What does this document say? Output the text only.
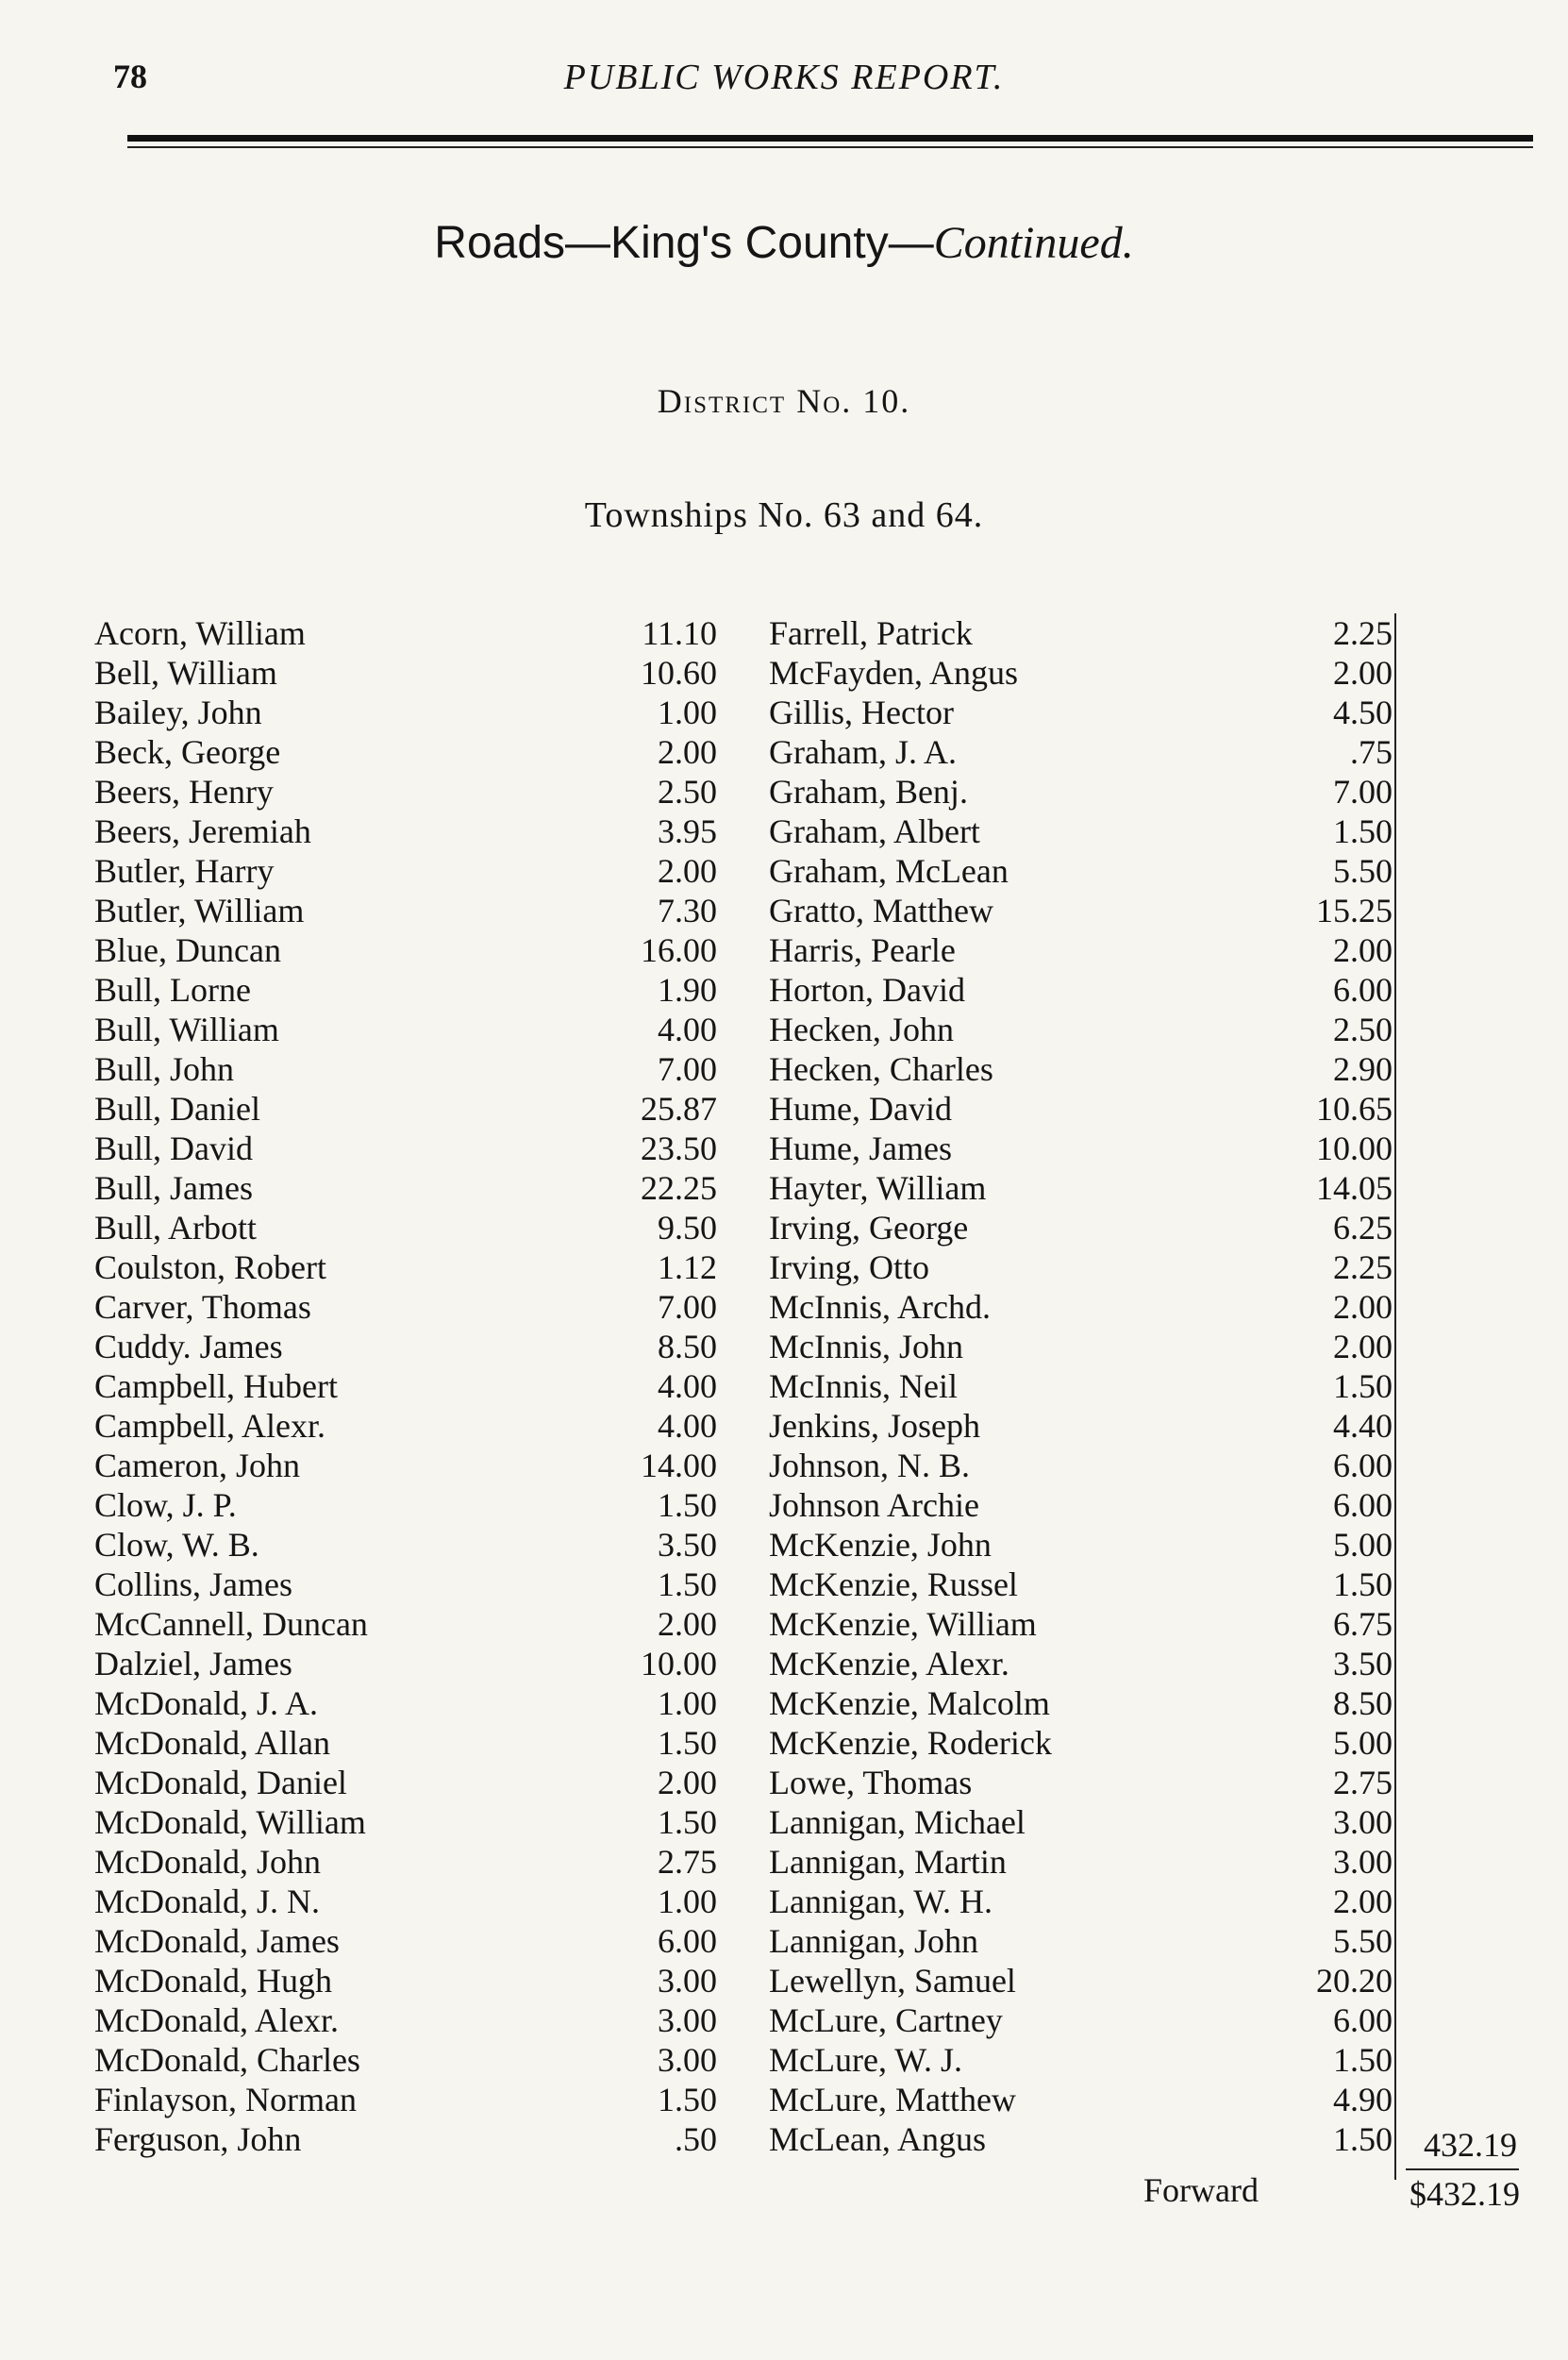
78	PUBLIC WORKS REPORT.
Roads—King's County—Continued.
District No. 10.
Townships No. 63 and 64.
Acorn, William	11.10 Farrell, Patrick	2.25
Bell, William	10.60 McFayden, Angus	2.00
Bailey, John	1.00 Gillis, Hector	4.50
Beck, George	2.00 Graham, J. A.	.75
Beers, Henry	2.50 Graham, Benj.	7.00
Beers, Jeremiah	3.95 Graham, Albert	1.50
Butler, Harry	2.00 Graham, McLean	5.50
Butler, William	7.30 Gratto, Matthew	15.25
Blue, Duncan	16.00 Harris, Pearle	2.00
Bull, Lorne	1.90 Horton, David	6.00
Bull, William	4.00 Hecken, John	2.50
Bull, John	7.00 Hecken, Charles	2.90
Bull, Daniel	25.87 Hume, David	10.65
Bull, David	23.50 Hume, James	10.00
Bull, James	22.25 Hayter, William	14.05
Bull, Arbott	9.50 Irving, George	6.25
Coulston, Robert	1.12 Irving, Otto	2.25
Carver, Thomas	7.00 McInnis, Archd.	2.00
Cuddy. James	8.50 McInnis, John	2.00
Campbell, Hubert	4.00 McInnis, Neil	1.50
Campbell, Alexr.	4.00 Jenkins, Joseph	4.40
Cameron, John	14.00 Johnson, N. B.	6.00
Clow, J. P.	1.50 Johnson Archie	6.00
Clow, W. B.	3.50 McKenzie, John	5.00
Collins, James	1.50 McKenzie, Russel	1.50
McCannell, Duncan	2.00 McKenzie, William	6.75
Dalziel, James	10.00 McKenzie, Alexr.	3.50
McDonald, J. A.	1.00 McKenzie, Malcolm	8.50
McDonald, Allan	1.50 McKenzie, Roderick	5.00
McDonald, Daniel	2.00 Lowe, Thomas	2.75
McDonald, William	1.50 Lannigan, Michael	3.00
McDonald, John	2.75 Lannigan, Martin	3.00
McDonald, J. N.	1.00 Lannigan, W. H.	2.00
McDonald, James	6.00 Lannigan, John	5.50
McDonald, Hugh	3.00 Lewellyn, Samuel	20.20
McDonald, Alexr.	3.00 McLure, Cartney	6.00
McDonald, Charles	3.00 McLure, W. J.	1.50
Finlayson, Norman	1.50 McLure, Matthew	4.90
Ferguson, John	.50 McLean, Angus	1.50 432.19
Forward	$432.19
